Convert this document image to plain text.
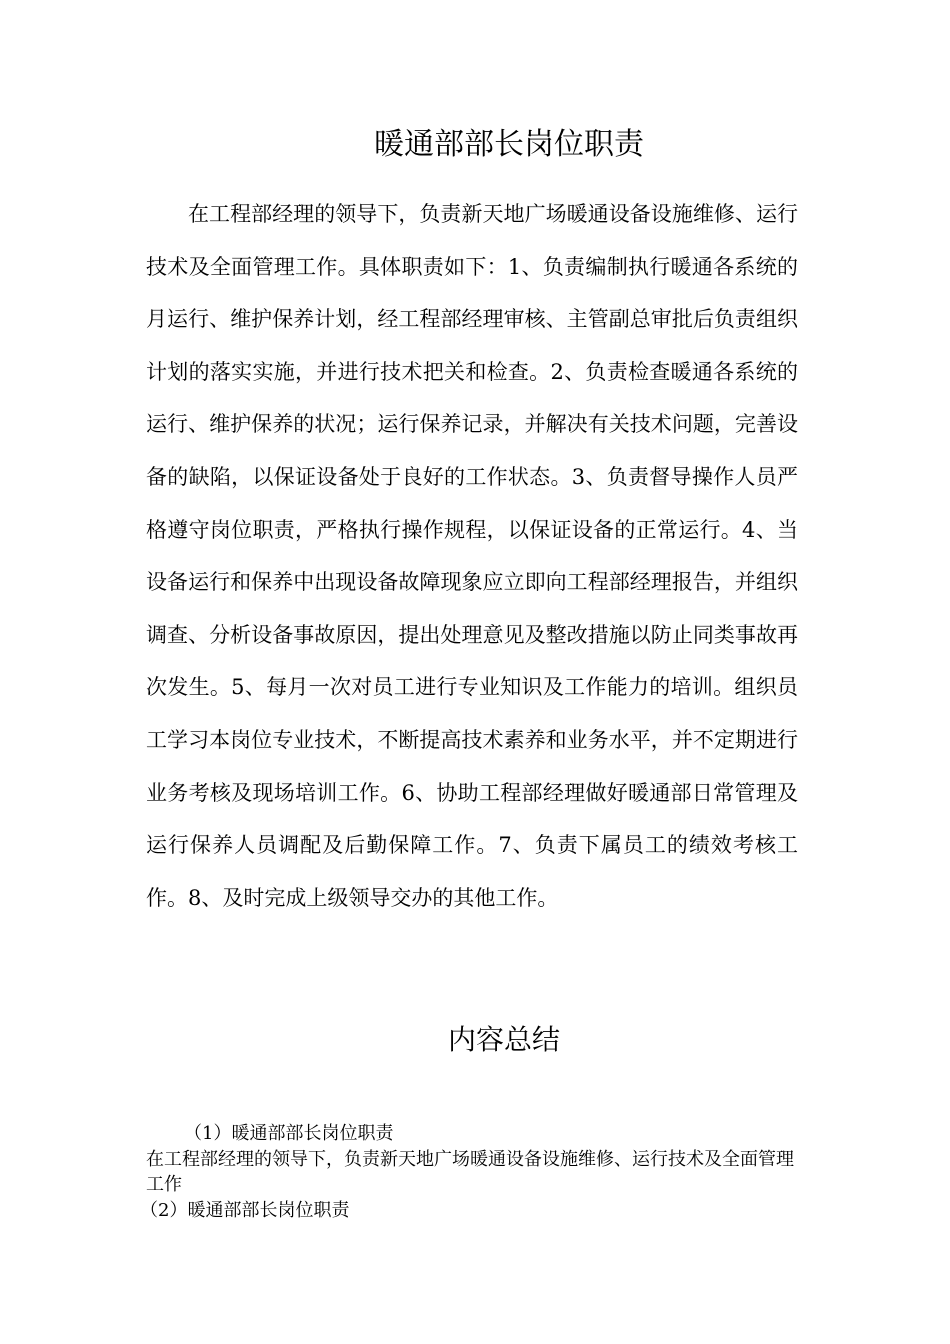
暖通部部长岗位职责

在工程部经理的领导下，负责新天地广场暖通设备设施维修、运行技术及全面管理工作。具体职责如下：1、负责编制执行暖通各系统的月运行、维护保养计划，经工程部经理审核、主管副总审批后负责组织计划的落实实施，并进行技术把关和检查。2、负责检查暖通各系统的运行、维护保养的状况；运行保养记录，并解决有关技术问题，完善设备的缺陷，以保证设备处于良好的工作状态。3、负责督导操作人员严格遵守岗位职责，严格执行操作规程，以保证设备的正常运行。4、当设备运行和保养中出现设备故障现象应立即向工程部经理报告，并组织调查、分析设备事故原因，提出处理意见及整改措施以防止同类事故再次发生。5、每月一次对员工进行专业知识及工作能力的培训。组织员工学习本岗位专业技术，不断提高技术素养和业务水平，并不定期进行业务考核及现场培训工作。6、协助工程部经理做好暖通部日常管理及运行保养人员调配及后勤保障工作。7、负责下属员工的绩效考核工作。8、及时完成上级领导交办的其他工作。

内容总结

（1）暖通部部长岗位职责

在工程部经理的领导下，负责新天地广场暖通设备设施维修、运行技术及全面管理工作

（2）暖通部部长岗位职责
